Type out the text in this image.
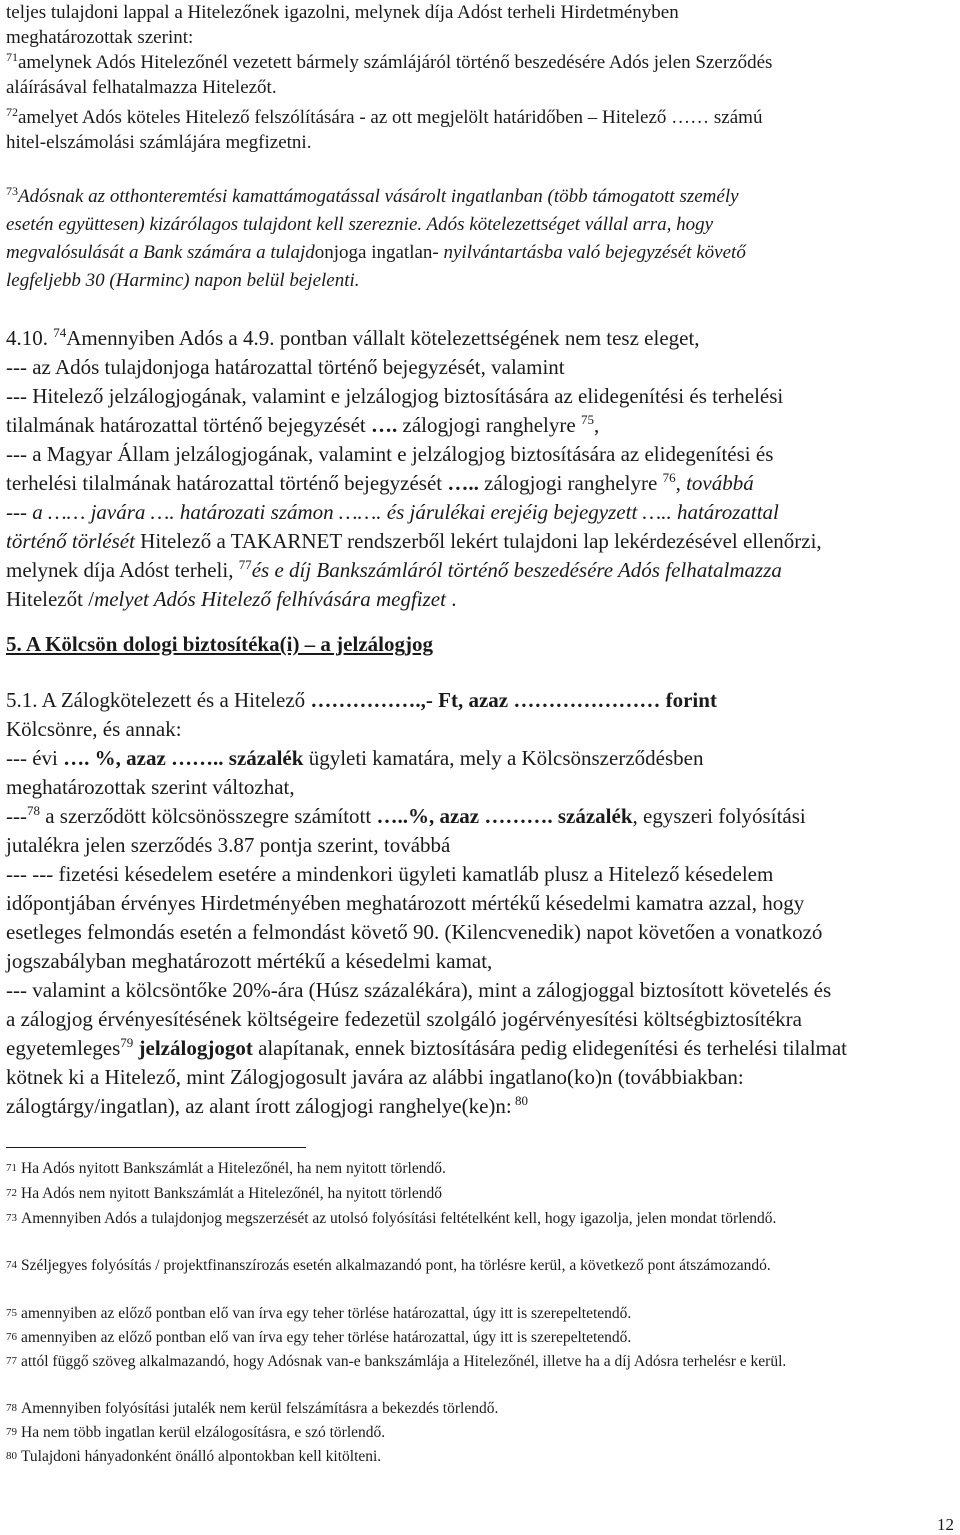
teljes tulajdoni lappal a Hitelezőnek igazolni, melynek díja Adóst terheli Hirdetményben
meghatározottak szerint:
$^{71}$amelynek Adós Hitelezőnél vezetett bármely számlájáról történő beszedésére Adós jelen Szerződés
aláírásával felhatalmazza Hitelezőt.
$^{72}$amelyet Adós köteles Hitelező felszólítására - az ott megjelölt határidőben – Hitelező …… számú
hitel-elszámolási számlájára megfizetni.
$^{73}$Adósnak az otthonteremtési kamattámogatással vásárolt ingatlanban (több támogatott személy
esetén együttesen) kizárólagos tulajdont kell szereznie. Adós kötelezettséget vállal arra, hogy
megvalósulását a Bank számára a tulajdonjoga ingatlan- nyilvántartásba való bejegyzését követő
legfeljebb 30 (Harminc) napon belül bejelenti.
4.10. $^{74}$Amennyiben Adós a 4.9. pontban vállalt kötelezettségének nem tesz eleget,
--- az Adós tulajdonjoga határozattal történő bejegyzését, valamint
--- Hitelező jelzálogjogának, valamint e jelzálogjog biztosítására az elidegenítési és terhelési
tilalmának határozattal történő bejegyzését …. zálogjogi ranghelyre $^{75}$,
--- a Magyar Állam jelzálogjogának, valamint e jelzálogjog biztosítására az elidegenítési és
terhelési tilalmának határozattal történő bejegyzését ….. zálogjogi ranghelyre $^{76}$, továbbá
--- a …… javára …. határozati számon ……. és járulékai erejéig bejegyzett ….. határozattal
történő törlését Hitelező a TAKARNET rendszerből lekért tulajdoni lap lekérdezésével ellenőrzi,
melynek díja Adóst terheli, $^{77}$és e díj Bankszámláról történő beszedésére Adós felhatalmazza
Hitelezőt /melyet Adós Hitelező felhívására megfizet .
5. A Kölcsön dologi biztosítéka(i) – a jelzálogjog
5.1. A Zálogkötelezett és a Hitelező …………….,- Ft, azaz ………………… forint
Kölcsönre, és annak:
--- évi …. %, azaz …….. százalék ügyleti kamatára, mely a Kölcsönszerződésben
meghatározottak szerint változhat,
---$^{78}$ a szerződött kölcsönösszegre számított …..%, azaz ………. százalék, egyszeri folyósítási
jutalékra jelen szerződés 3.87 pontja szerint, továbbá
--- --- fizetési késedelem esetére a mindenkori ügyleti kamatláb plusz a Hitelező késedelem
időpontjában érvényes Hirdetményében meghatározott mértékű késedelmi kamatra azzal, hogy
esetleges felmondás esetén a felmondást követő 90. (Kilencvenedik) napot követően a vonatkozó
jogszabályban meghatározott mértékű a késedelmi kamat,
--- valamint a kölcsöntőke 20%-ára (Húsz százalékára), mint a zálogjoggal biztosított követelés és
a zálogjog érvényesítésének költségeire fedezetül szolgáló jogérvényesítési költségbiztosítékra
egyetemleges$^{79}$ jelzálogjogot alapítanak, ennek biztosítására pedig elidegenítési és terhelési tilalmat
kötnek ki a Hitelező, mint Zálogjogosult javára az alábbi ingatlano(ko)n (továbbiakban:
zálogtárgy/ingatlan), az alant írott zálogjogi ranghelye(ke)n: $^{80}$
71 Ha Adós nyitott Bankszámlát a Hitelezőnél, ha nem nyitott törlendő.
72 Ha Adós nem nyitott Bankszámlát a Hitelezőnél, ha nyitott törlendő
73 Amennyiben Adós a tulajdonjog megszerzését az utolsó folyósítási feltételként kell, hogy igazolja, jelen mondat törlendő.
74 Széljegyes folyósítás / projektfinanszírozás esetén alkalmazandó pont, ha törlésre kerül, a következő pont átszámozandó.
75 amennyiben az előző pontban elő van írva egy teher törlése határozattal, úgy itt is szerepeltetendő.
76 amennyiben az előző pontban elő van írva egy teher törlése határozattal, úgy itt is szerepeltetendő.
77 attól függő szöveg alkalmazandó, hogy Adósnak van-e bankszámlája a Hitelezőnél, illetve ha a díj Adósra terhelésr e kerül.
78 Amennyiben folyósítási jutalék nem kerül felszámításra a bekezdés törlendő.
79 Ha nem több ingatlan kerül elzálogosításra, e szó törlendő.
80 Tulajdoni hányadonként önálló alpontokban kell kitölteni.
12
